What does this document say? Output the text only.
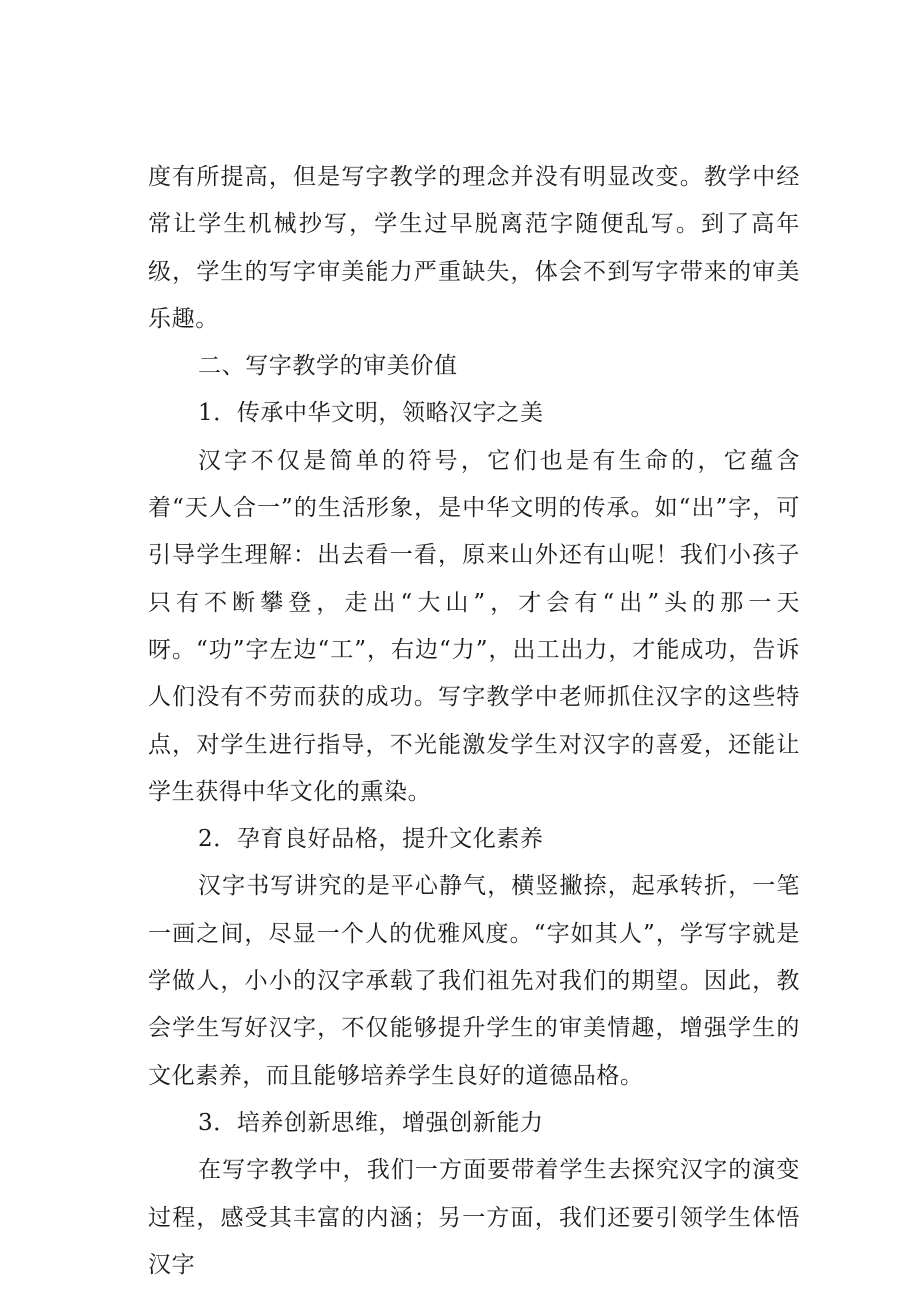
度有所提高，但是写字教学的理念并没有明显改变。教学中经常让学生机械抄写，学生过早脱离范字随便乱写。到了高年级，学生的写字审美能力严重缺失，体会不到写字带来的审美乐趣。

二、写字教学的审美价值

1．传承中华文明，领略汉字之美

汉字不仅是简单的符号，它们也是有生命的，它蕴含着“天人合一”的生活形象，是中华文明的传承。如“出”字，可引导学生理解：出去看一看，原来山外还有山呢！我们小孩子只有不断攀登，走出“大山”，才会有“出”头的那一天呀。“功”字左边“工”，右边“力”，出工出力，才能成功，告诉人们没有不劳而获的成功。写字教学中老师抓住汉字的这些特点，对学生进行指导，不光能激发学生对汉字的喜爱，还能让学生获得中华文化的熏染。

2．孕育良好品格，提升文化素养

汉字书写讲究的是平心静气，横竖撇捺，起承转折，一笔一画之间，尽显一个人的优雅风度。“字如其人”，学写字就是学做人，小小的汉字承载了我们祖先对我们的期望。因此，教会学生写好汉字，不仅能够提升学生的审美情趣，增强学生的文化素养，而且能够培养学生良好的道德品格。

3．培养创新思维，增强创新能力

在写字教学中，我们一方面要带着学生去探究汉字的演变过程，感受其丰富的内涵；另一方面，我们还要引领学生体悟汉字
